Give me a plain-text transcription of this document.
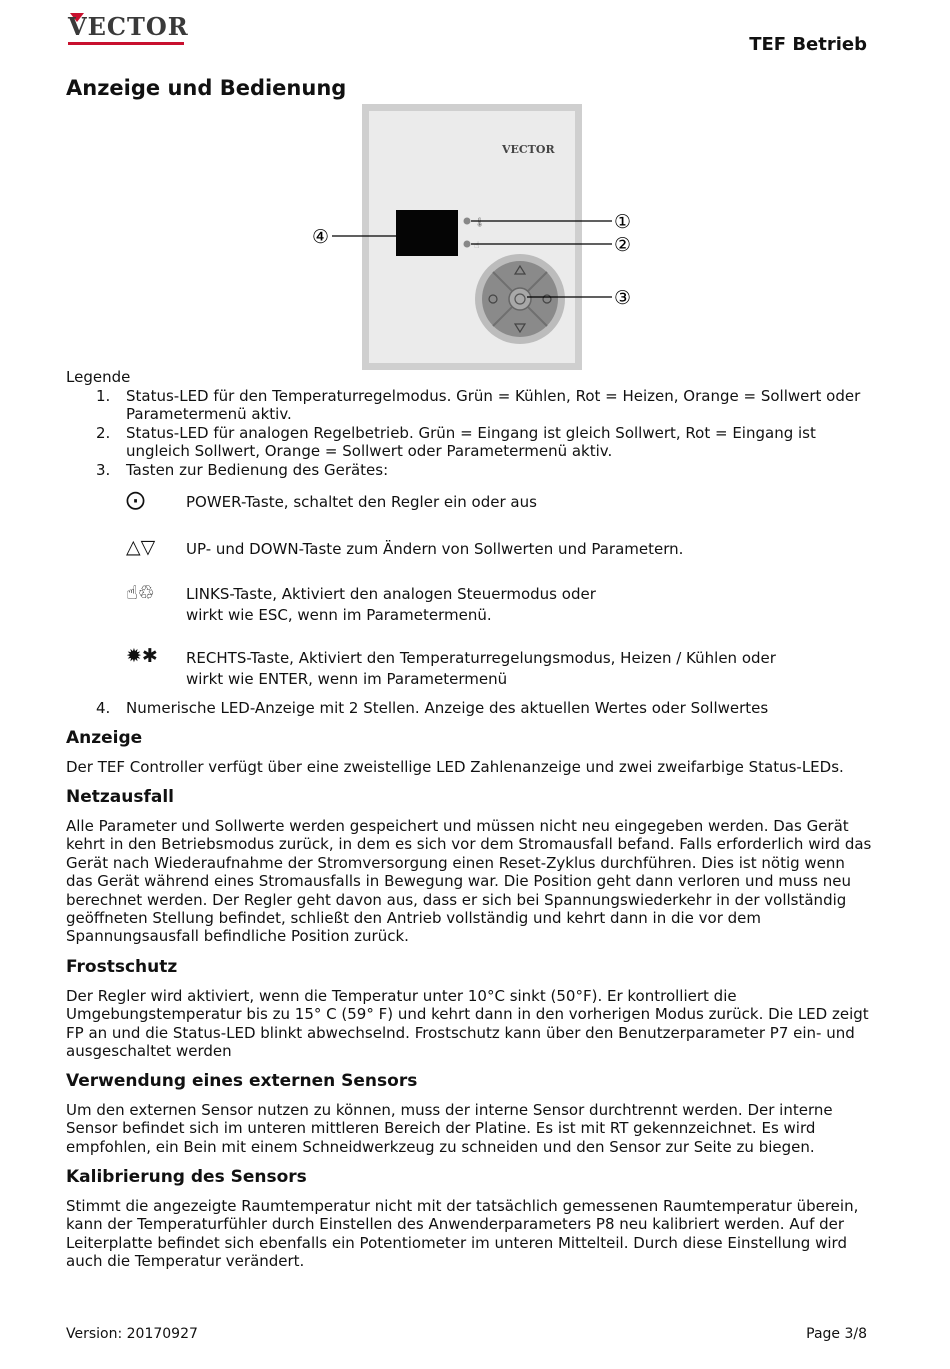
VECTOR
TEF Betrieb
Anzeige und Bedienung
VECTOR
🌡
☝
①
②
③
④
Legende
1. Status-LED für den Temperaturregelmodus. Grün = Kühlen, Rot = Heizen, Orange = Sollwert oder Parametermenü aktiv.
2. Status-LED für analogen Regelbetrieb. Grün = Eingang ist gleich Sollwert, Rot = Eingang ist ungleich Sollwert, Orange = Sollwert oder Parametermenü aktiv.
3. Tasten zur Bedienung des Gerätes:
⨀	POWER-Taste, schaltet den Regler ein oder aus
△▽ UP- und DOWN-Taste zum Ändern von Sollwerten und Parametern.
☝♲ LINKS-Taste, Aktiviert den analogen Steuermodus oder
wirkt wie ESC, wenn im Parametermenü.
✹✱ RECHTS-Taste, Aktiviert den Temperaturregelungsmodus, Heizen / Kühlen oder
wirkt wie ENTER, wenn im Parametermenü
4. Numerische LED-Anzeige mit 2 Stellen. Anzeige des aktuellen Wertes oder Sollwertes
Anzeige
Der TEF Controller verfügt über eine zweistellige LED Zahlenanzeige und zwei zweifarbige Status-LEDs.
Netzausfall
Alle Parameter und Sollwerte werden gespeichert und müssen nicht neu eingegeben werden. Das Gerät kehrt in den Betriebsmodus zurück, in dem es sich vor dem Stromausfall befand. Falls erforderlich wird das Gerät nach Wiederaufnahme der Stromversorgung einen Reset-Zyklus durchführen. Dies ist nötig wenn das Gerät während eines Stromausfalls in Bewegung war. Die Position geht dann verloren und muss neu berechnet werden. Der Regler geht davon aus, dass er sich bei Spannungswiederkehr in der vollständig geöffneten Stellung befindet, schließt den Antrieb vollständig und kehrt dann in die vor dem Spannungsausfall befindliche Position zurück.
Frostschutz
Der Regler wird aktiviert, wenn die Temperatur unter 10°C sinkt (50°F). Er kontrolliert die Umgebungstemperatur bis zu 15° C (59° F) und kehrt dann in den vorherigen Modus zurück. Die LED zeigt FP an und die Status-LED blinkt abwechselnd. Frostschutz kann über den Benutzerparameter P7 ein- und ausgeschaltet werden
Verwendung eines externen Sensors
Um den externen Sensor nutzen zu können, muss der interne Sensor durchtrennt werden. Der interne Sensor befindet sich im unteren mittleren Bereich der Platine. Es ist mit RT gekennzeichnet. Es wird empfohlen, ein Bein mit einem Schneidwerkzeug zu schneiden und den Sensor zur Seite zu biegen.
Kalibrierung des Sensors
Stimmt die angezeigte Raumtemperatur nicht mit der tatsächlich gemessenen Raumtemperatur überein, kann der Temperaturfühler durch Einstellen des Anwenderparameters P8 neu kalibriert werden. Auf der Leiterplatte befindet sich ebenfalls ein Potentiometer im unteren Mittelteil. Durch diese Einstellung wird auch die Temperatur verändert.
Version: 20170927	Page 3/8
